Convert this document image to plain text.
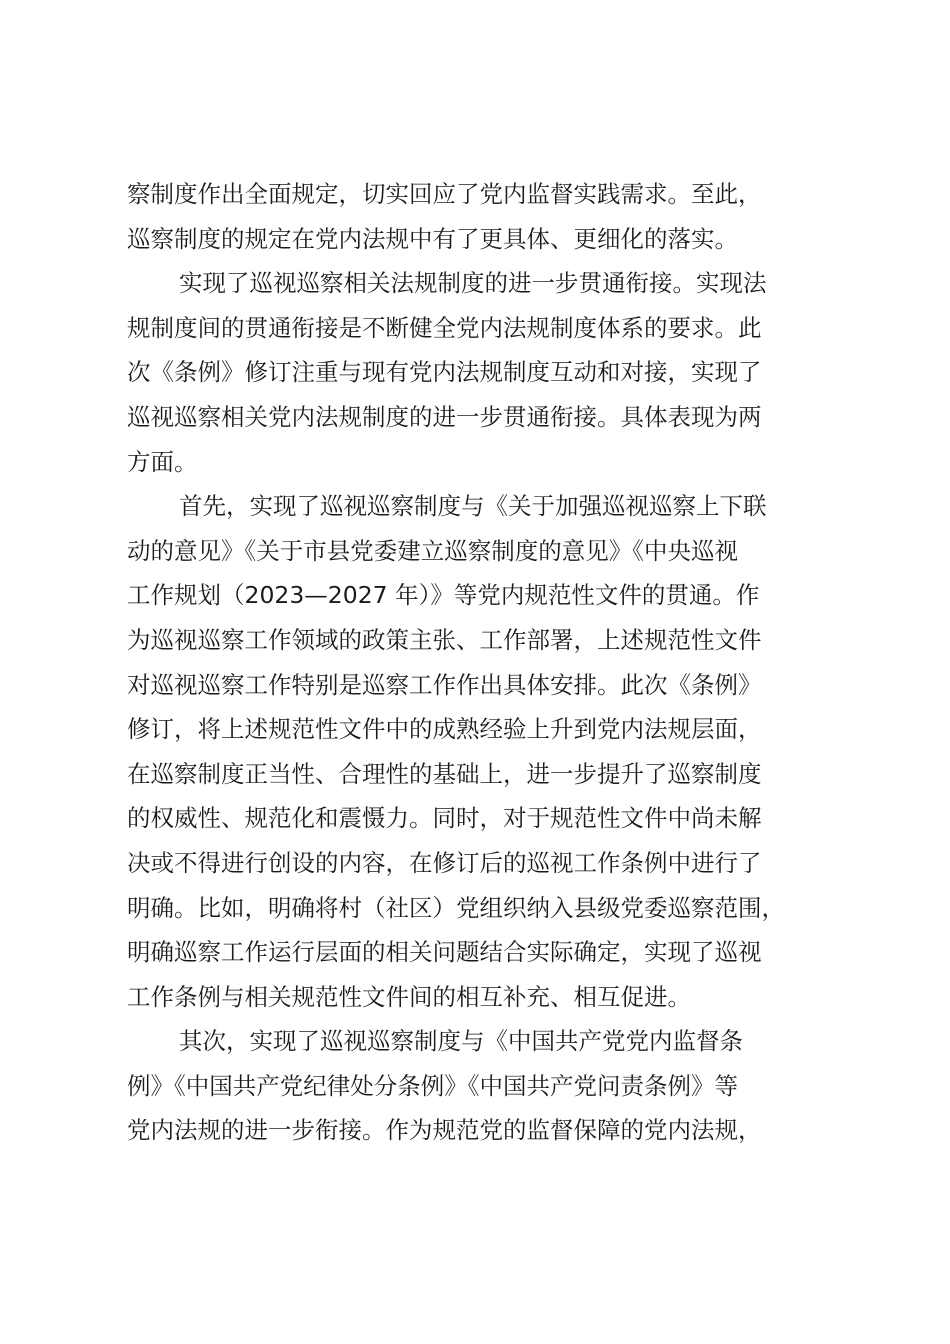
察制度作出全面规定，切实回应了党内监督实践需求。至此，
巡察制度的规定在党内法规中有了更具体、更细化的落实。
实现了巡视巡察相关法规制度的进一步贯通衔接。实现法
规制度间的贯通衔接是不断健全党内法规制度体系的要求。此
次《条例》修订注重与现有党内法规制度互动和对接，实现了
巡视巡察相关党内法规制度的进一步贯通衔接。具体表现为两
方面。
首先，实现了巡视巡察制度与《关于加强巡视巡察上下联
动的意见》《关于市县党委建立巡察制度的意见》《中央巡视
工作规划（2023—2027 年）》等党内规范性文件的贯通。作
为巡视巡察工作领域的政策主张、工作部署，上述规范性文件
对巡视巡察工作特别是巡察工作作出具体安排。此次《条例》
修订，将上述规范性文件中的成熟经验上升到党内法规层面，
在巡察制度正当性、合理性的基础上，进一步提升了巡察制度
的权威性、规范化和震慑力。同时，对于规范性文件中尚未解
决或不得进行创设的内容，在修订后的巡视工作条例中进行了
明确。比如，明确将村（社区）党组织纳入县级党委巡察范围，
明确巡察工作运行层面的相关问题结合实际确定，实现了巡视
工作条例与相关规范性文件间的相互补充、相互促进。
其次，实现了巡视巡察制度与《中国共产党党内监督条
例》《中国共产党纪律处分条例》《中国共产党问责条例》等
党内法规的进一步衔接。作为规范党的监督保障的党内法规，
